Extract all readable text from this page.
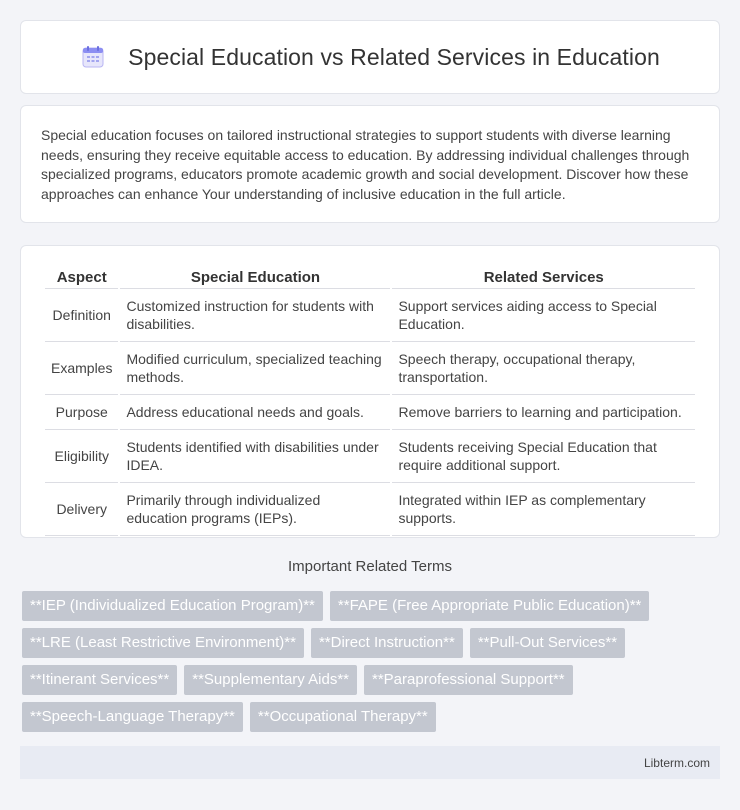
Special Education vs Related Services in Education

Special education focuses on tailored instructional strategies to support students with diverse learning needs, ensuring they receive equitable access to education. By addressing individual challenges through specialized programs, educators promote academic growth and social development. Discover how these approaches can enhance Your understanding of inclusive education in the full article.

Aspect	Special Education	Related Services
Definition	Customized instruction for students with disabilities.	Support services aiding access to Special Education.
Examples	Modified curriculum, specialized teaching methods.	Speech therapy, occupational therapy, transportation.
Purpose	Address educational needs and goals.	Remove barriers to learning and participation.
Eligibility	Students identified with disabilities under IDEA.	Students receiving Special Education that require additional support.
Delivery	Primarily through individualized education programs (IEPs).	Integrated within IEP as complementary supports.
Important Related Terms
**IEP (Individualized Education Program)**	**FAPE (Free Appropriate Public Education)**
**LRE (Least Restrictive Environment)**	**Direct Instruction**	**Pull-Out Services**
**Itinerant Services**	**Supplementary Aids**	**Paraprofessional Support**
**Speech-Language Therapy**	**Occupational Therapy**
Libterm.com
